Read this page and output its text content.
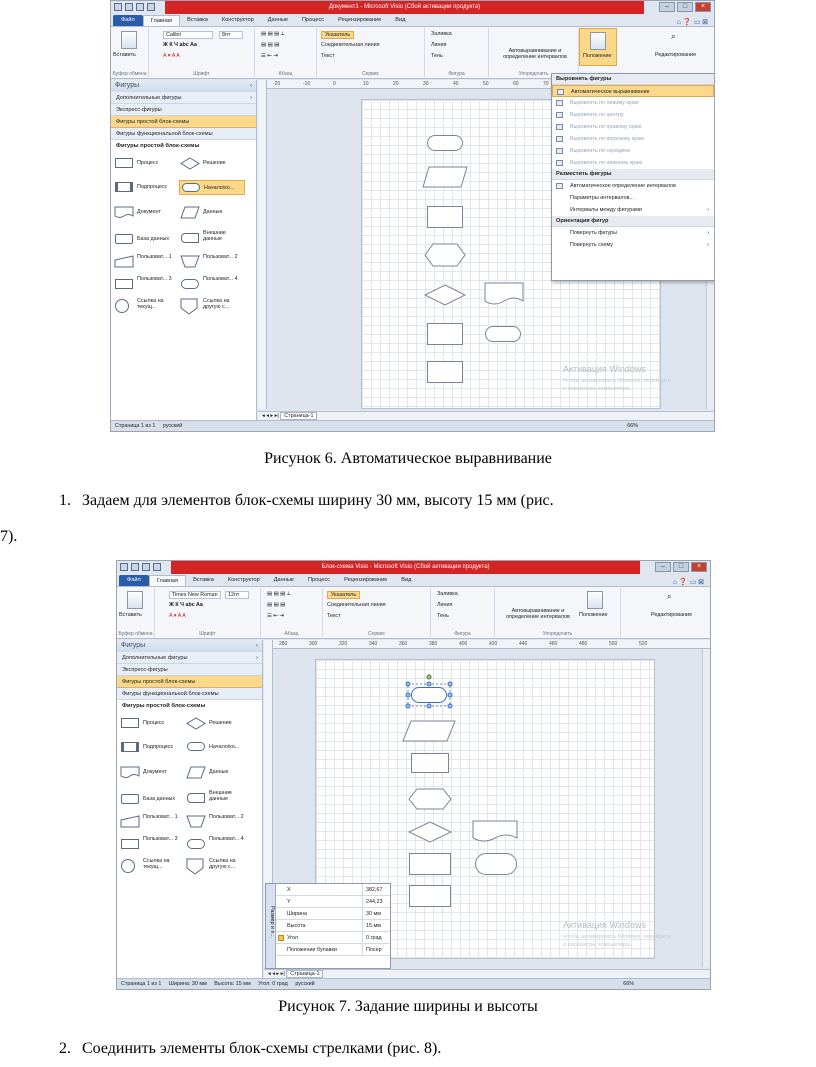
Документ1 - Microsoft Visio (Сбой активации продукта)	–	□	×
Файл	Главная	Вставка	Конструктор	Данные	Процесс	Рецензирование	Вид	⌂ ❓ ▭ ⊠
Вставить
Буфер обмена
Calibri	8пт
Ж К Ч abc Aa
A ▾ A A
Шрифт
▤ ▤ ▤ ⟂
▤ ▤ ▤
☰ ⇤ ⇥
Абзац
Указатель
Соединительная линия
Текст
Сервис
Заливка
Линия
Тень
Фигура
Автовыравнивание и определение интервалов
Упорядочить
Положение
⌕
Редактирование
Фигуры	‹
Дополнительные фигуры	›
Экспресс-фигуры
Фигуры простой блок-схемы
Фигуры функциональной блок-схемы
Фигуры простой блок-схемы
Процесс	Решение
Подпроцесс	Начало/ко...
Документ	Данные
База данных
Внешние данные
Пользоват... 1	Пользоват... 2
Пользоват... 3	Пользоват... 4
Ссылка на текущ...
Ссылка на другую с...
-20	-10	0	10	20	30	40	50	60	70
Активация Windows
Чтобы активировать Windows, перейдите в параметры компьютера.
◂ ◂ ▸ ▸| Страница-1
Страница 1 из 1 русский	66%
Выровнять фигуры
Автоматическое выравнивание
Выровнять по левому краю
Выровнять по центру
Выровнять по правому краю
Выровнять по верхнему краю
Выровнять по середине
Выровнять по нижнему краю
Разместить фигуры
Автоматическое определение интервалов
Параметры интервалов...
Интервалы между фигурами	›
Ориентация фигур
Повернуть фигуры	›
Повернуть схему	›
Рисунок 6. Автоматическое выравнивание
1. Задаем для элементов блок-схемы ширину 30 мм, высоту 15 мм (рис.
7).
Блок-схема Visio - Microsoft Visio (Сбой активации продукта)	–	□	×
Файл	Главная	Вставка	Конструктор	Данные	Процесс	Рецензирование	Вид	⌂ ❓ ▭ ⊠
Вставить
Буфер обмена
Times New Roman	12пт
Ж К Ч abc Aa
A ▾ A A
Шрифт
▤ ▤ ▤ ⟂
▤ ▤ ▤
☰ ⇤ ⇥
Абзац
Указатель
Соединительная линия
Текст
Сервис
Заливка
Линия
Тень
Фигура
Автовыравнивание и определение интервалов	Положение
Упорядочить
⌕
Редактирование
Фигуры	‹
Дополнительные фигуры	›
Экспресс-фигуры
Фигуры простой блок-схемы
Фигуры функциональной блок-схемы
Фигуры простой блок-схемы
Процесс	Решение
Подпроцесс	Начало/ко...
Документ	Данные
База данных
Внешние данные
Пользоват... 1	Пользоват... 2
Пользоват... 3	Пользоват... 4
Ссылка на текущ...
Ссылка на другую с...
280	300	320	340	360	380	400	420	440	460	480	500	520
Активация Windows
Чтобы активировать Windows, перейдите в параметры компьютера.
Размер и п...
X	382,67
Y	244,23
Ширина	30 мм
Высота	15 мм
Угол	0 град
Положение булавки	Посер
◂ ◂ ▸ ▸| Страница-1
Страница 1 из 1 Ширина: 30 мм Высота: 15 мм Угол: 0 град русский	66%
Рисунок 7. Задание ширины и высоты
2. Соединить элементы блок-схемы стрелками (рис. 8).
